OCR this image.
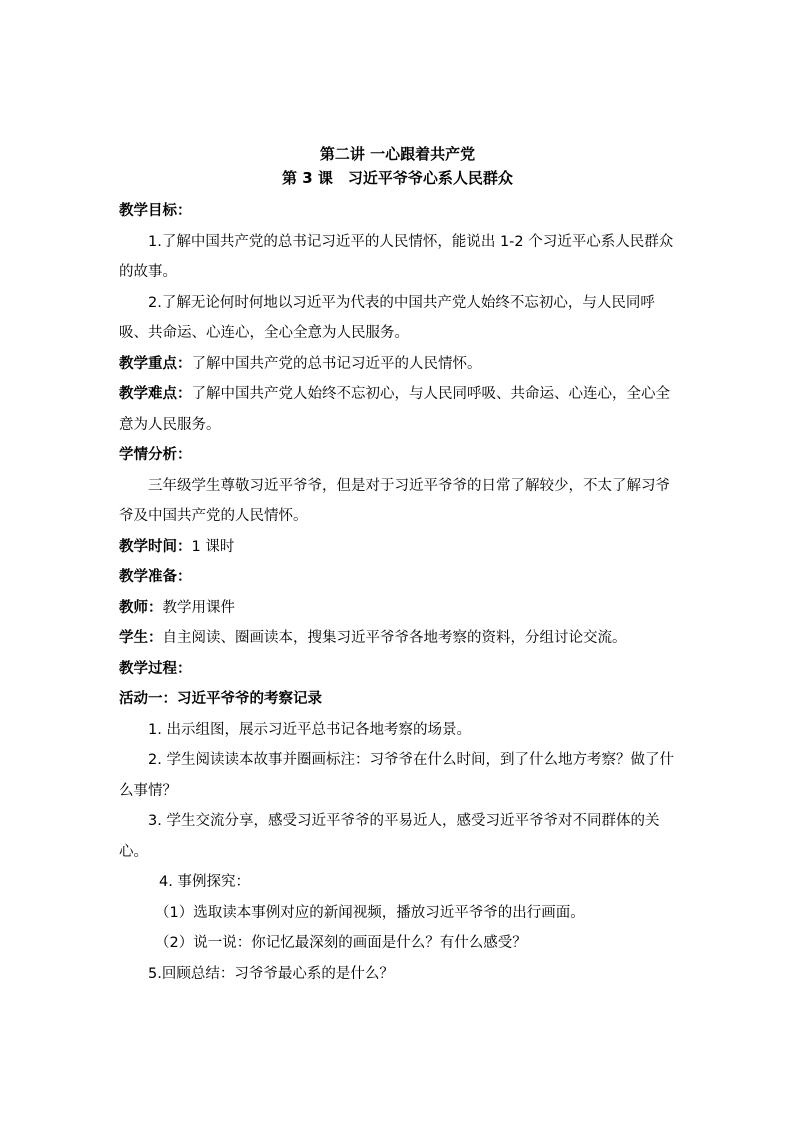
第二讲 一心跟着共产党
第 3 课　习近平爷爷心系人民群众

教学目标：

1.了解中国共产党的总书记习近平的人民情怀，能说出 1-2 个习近平心系人民群众的故事。

2.了解无论何时何地以习近平为代表的中国共产党人始终不忘初心，与人民同呼吸、共命运、心连心，全心全意为人民服务。

教学重点：了解中国共产党的总书记习近平的人民情怀。

教学难点：了解中国共产党人始终不忘初心，与人民同呼吸、共命运、心连心，全心全意为人民服务。

学情分析：

三年级学生尊敬习近平爷爷，但是对于习近平爷爷的日常了解较少，不太了解习爷爷及中国共产党的人民情怀。

教学时间：1 课时

教学准备：

教师：教学用课件

学生：自主阅读、圈画读本，搜集习近平爷爷各地考察的资料，分组讨论交流。

教学过程：

活动一：习近平爷爷的考察记录

1. 出示组图，展示习近平总书记各地考察的场景。

2. 学生阅读读本故事并圈画标注：习爷爷在什么时间，到了什么地方考察？做了什么事情？

3. 学生交流分享，感受习近平爷爷的平易近人，感受习近平爷爷对不同群体的关心。

4. 事例探究：

（1）选取读本事例对应的新闻视频，播放习近平爷爷的出行画面。

（2）说一说：你记忆最深刻的画面是什么？有什么感受？

5.回顾总结：习爷爷最心系的是什么？
